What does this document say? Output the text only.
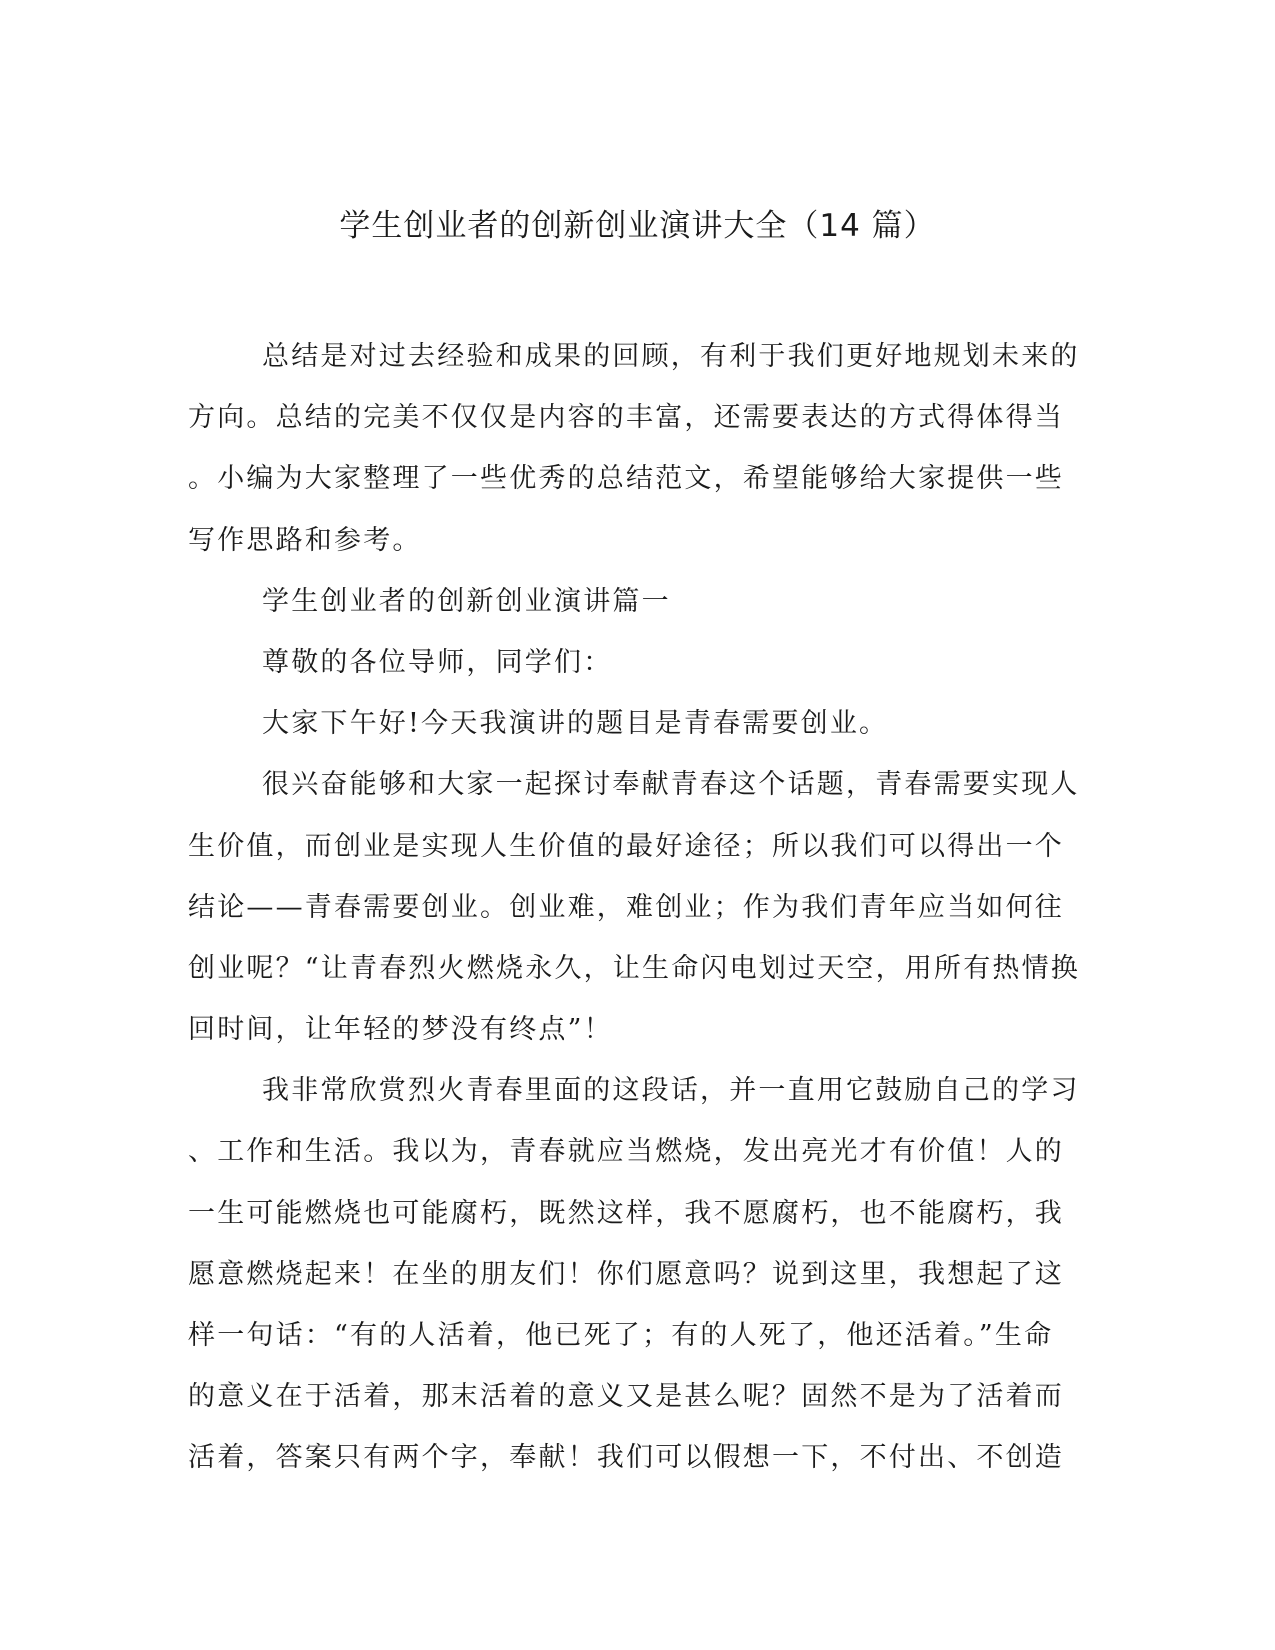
学生创业者的创新创业演讲大全（14 篇）
总结是对过去经验和成果的回顾，有利于我们更好地规划未来的
方向。总结的完美不仅仅是内容的丰富，还需要表达的方式得体得当
。小编为大家整理了一些优秀的总结范文，希望能够给大家提供一些
写作思路和参考。
学生创业者的创新创业演讲篇一
尊敬的各位导师，同学们：
大家下午好!今天我演讲的题目是青春需要创业。
很兴奋能够和大家一起探讨奉献青春这个话题，青春需要实现人
生价值，而创业是实现人生价值的最好途径；所以我们可以得出一个
结论——青春需要创业。创业难，难创业；作为我们青年应当如何往
创业呢？“让青春烈火燃烧永久，让生命闪电划过天空，用所有热情换
回时间，让年轻的梦没有终点”！
我非常欣赏烈火青春里面的这段话，并一直用它鼓励自己的学习
、工作和生活。我以为，青春就应当燃烧，发出亮光才有价值！人的
一生可能燃烧也可能腐朽，既然这样，我不愿腐朽，也不能腐朽，我
愿意燃烧起来！在坐的朋友们！你们愿意吗？说到这里，我想起了这
样一句话：“有的人活着，他已死了；有的人死了，他还活着。”生命
的意义在于活着，那末活着的意义又是甚么呢？固然不是为了活着而
活着，答案只有两个字，奉献！我们可以假想一下，不付出、不创造
